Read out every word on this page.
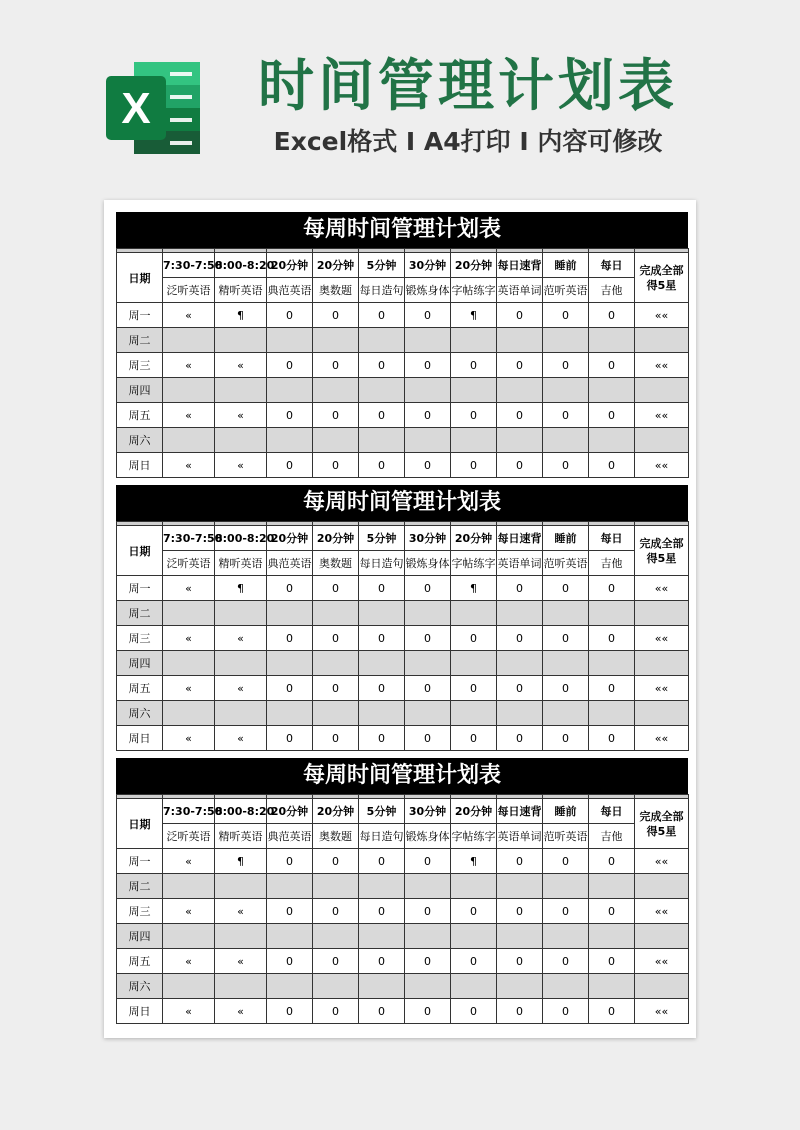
X	时间管理计划表
Excel格式 I A4打印 I 内容可修改
每周时间管理计划表

日期	7:30-7:50	8:00-8:20	20分钟	20分钟	5分钟	30分钟	20分钟	每日速背	睡前	每日	完成全部得5星

	泛听英语	精听英语	典范英语	奥数题	每日造句	锻炼身体	字帖练字	英语单词	范听英语	吉他	
周一	«	¶	0	0	0	0	¶	0	0	0	««
周二											
周三	«	«	0	0	0	0	0	0	0	0	««
周四											
周五	«	«	0	0	0	0	0	0	0	0	««
周六											
周日	«	«	0	0	0	0	0	0	0	0	««
每周时间管理计划表

日期	7:30-7:50	8:00-8:20	20分钟	20分钟	5分钟	30分钟	20分钟	每日速背	睡前	每日	完成全部得5星

	泛听英语	精听英语	典范英语	奥数题	每日造句	锻炼身体	字帖练字	英语单词	范听英语	吉他	
周一	«	¶	0	0	0	0	¶	0	0	0	««
周二											
周三	«	«	0	0	0	0	0	0	0	0	««
周四											
周五	«	«	0	0	0	0	0	0	0	0	««
周六											
周日	«	«	0	0	0	0	0	0	0	0	««
每周时间管理计划表

日期	7:30-7:50	8:00-8:20	20分钟	20分钟	5分钟	30分钟	20分钟	每日速背	睡前	每日	完成全部得5星

	泛听英语	精听英语	典范英语	奥数题	每日造句	锻炼身体	字帖练字	英语单词	范听英语	吉他	
周一	«	¶	0	0	0	0	¶	0	0	0	««
周二											
周三	«	«	0	0	0	0	0	0	0	0	««
周四											
周五	«	«	0	0	0	0	0	0	0	0	««
周六											
周日	«	«	0	0	0	0	0	0	0	0	««
